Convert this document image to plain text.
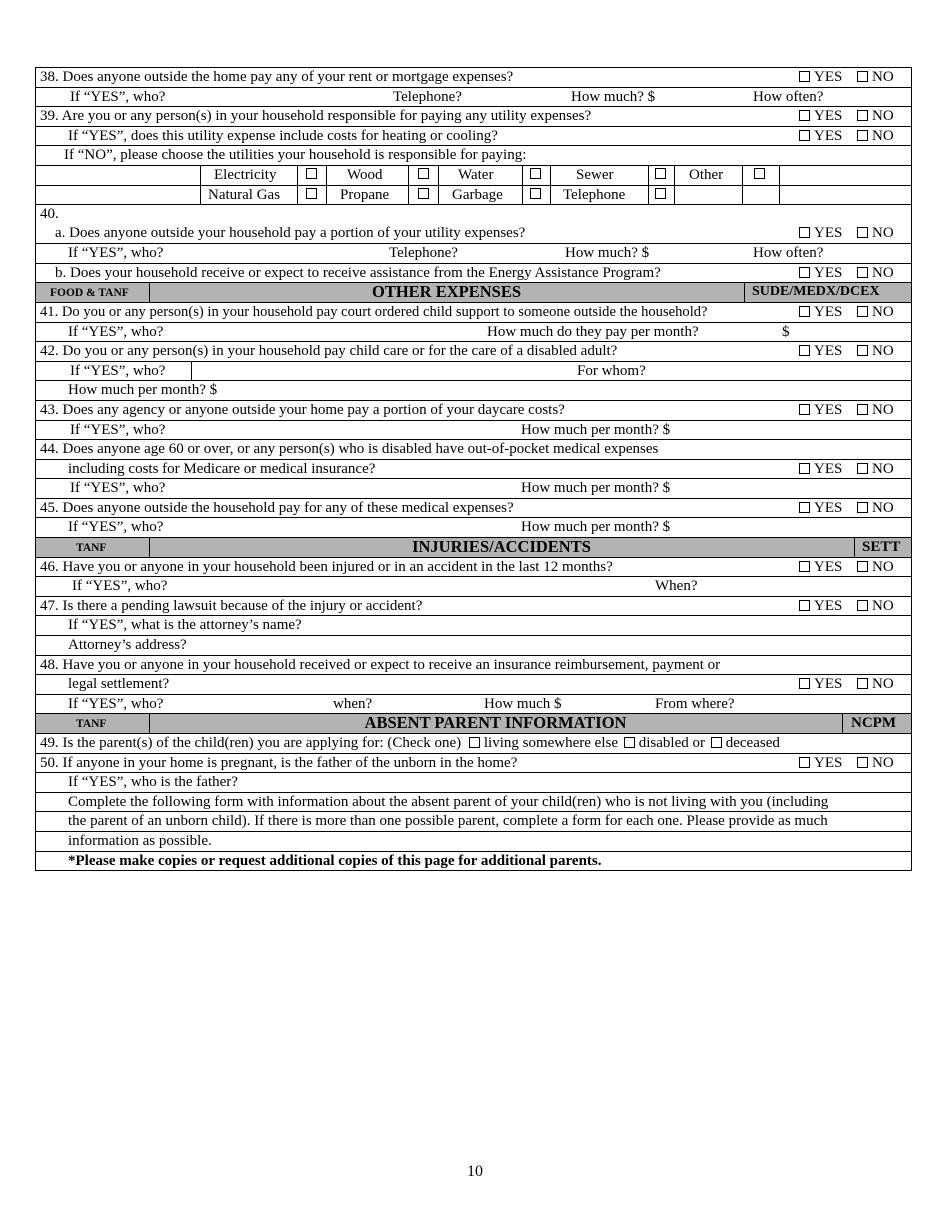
38. Does anyone outside the home pay any of your rent or mortgage expenses?	YES	NO
If “YES”, who?	Telephone?	How much? $	How often?
39. Are you or any person(s) in your household responsible for paying any utility expenses?	YES	NO
If “YES”, does this utility expense include costs for heating or cooling?	YES	NO
If “NO”, please choose the utilities your household is responsible for paying:
Electricity	Wood	Water	Sewer	Other
Natural Gas	Propane	Garbage	Telephone
40.
a. Does anyone outside your household pay a portion of your utility expenses?	YES	NO
If “YES”, who?	Telephone?	How much? $	How often?
b. Does your household receive or expect to receive assistance from the Energy Assistance Program?	YES	NO
FOOD & TANF	OTHER EXPENSES	SUDE/MEDX/DCEX
41. Do you or any person(s) in your household pay court ordered child support to someone outside the household?	YES	NO
If “YES”, who?	How much do they pay per month?	$
42. Do you or any person(s) in your household pay child care or for the care of a disabled adult?	YES	NO
If “YES”, who?	For whom?
How much per month? $
43. Does any agency or anyone outside your home pay a portion of your daycare costs?	YES	NO
If “YES”, who?	How much per month? $
44. Does anyone age 60 or over, or any person(s) who is disabled have out-of-pocket medical expenses
including costs for Medicare or medical insurance?	YES	NO
If “YES”, who?	How much per month? $
45. Does anyone outside the household pay for any of these medical expenses?	YES	NO
If “YES”, who?	How much per month? $
TANF	INJURIES/ACCIDENTS	SETT
46. Have you or anyone in your household been injured or in an accident in the last 12 months?	YES	NO
If “YES”, who?	When?
47. Is there a pending lawsuit because of the injury or accident?	YES	NO
If “YES”, what is the attorney’s name?
Attorney’s address?
48. Have you or anyone in your household received or expect to receive an insurance reimbursement, payment or
legal settlement?	YES	NO
If “YES”, who?	when?	How much $	From where?
TANF	ABSENT PARENT INFORMATION	NCPM
49. Is the parent(s) of the child(ren) you are applying for: (Check one) living somewhere else disabled or deceased
50. If anyone in your home is pregnant, is the father of the unborn in the home?	YES	NO
If “YES”, who is the father?
Complete the following form with information about the absent parent of your child(ren) who is not living with you (including
the parent of an unborn child). If there is more than one possible parent, complete a form for each one. Please provide as much
information as possible.
*Please make copies or request additional copies of this page for additional parents.
10
